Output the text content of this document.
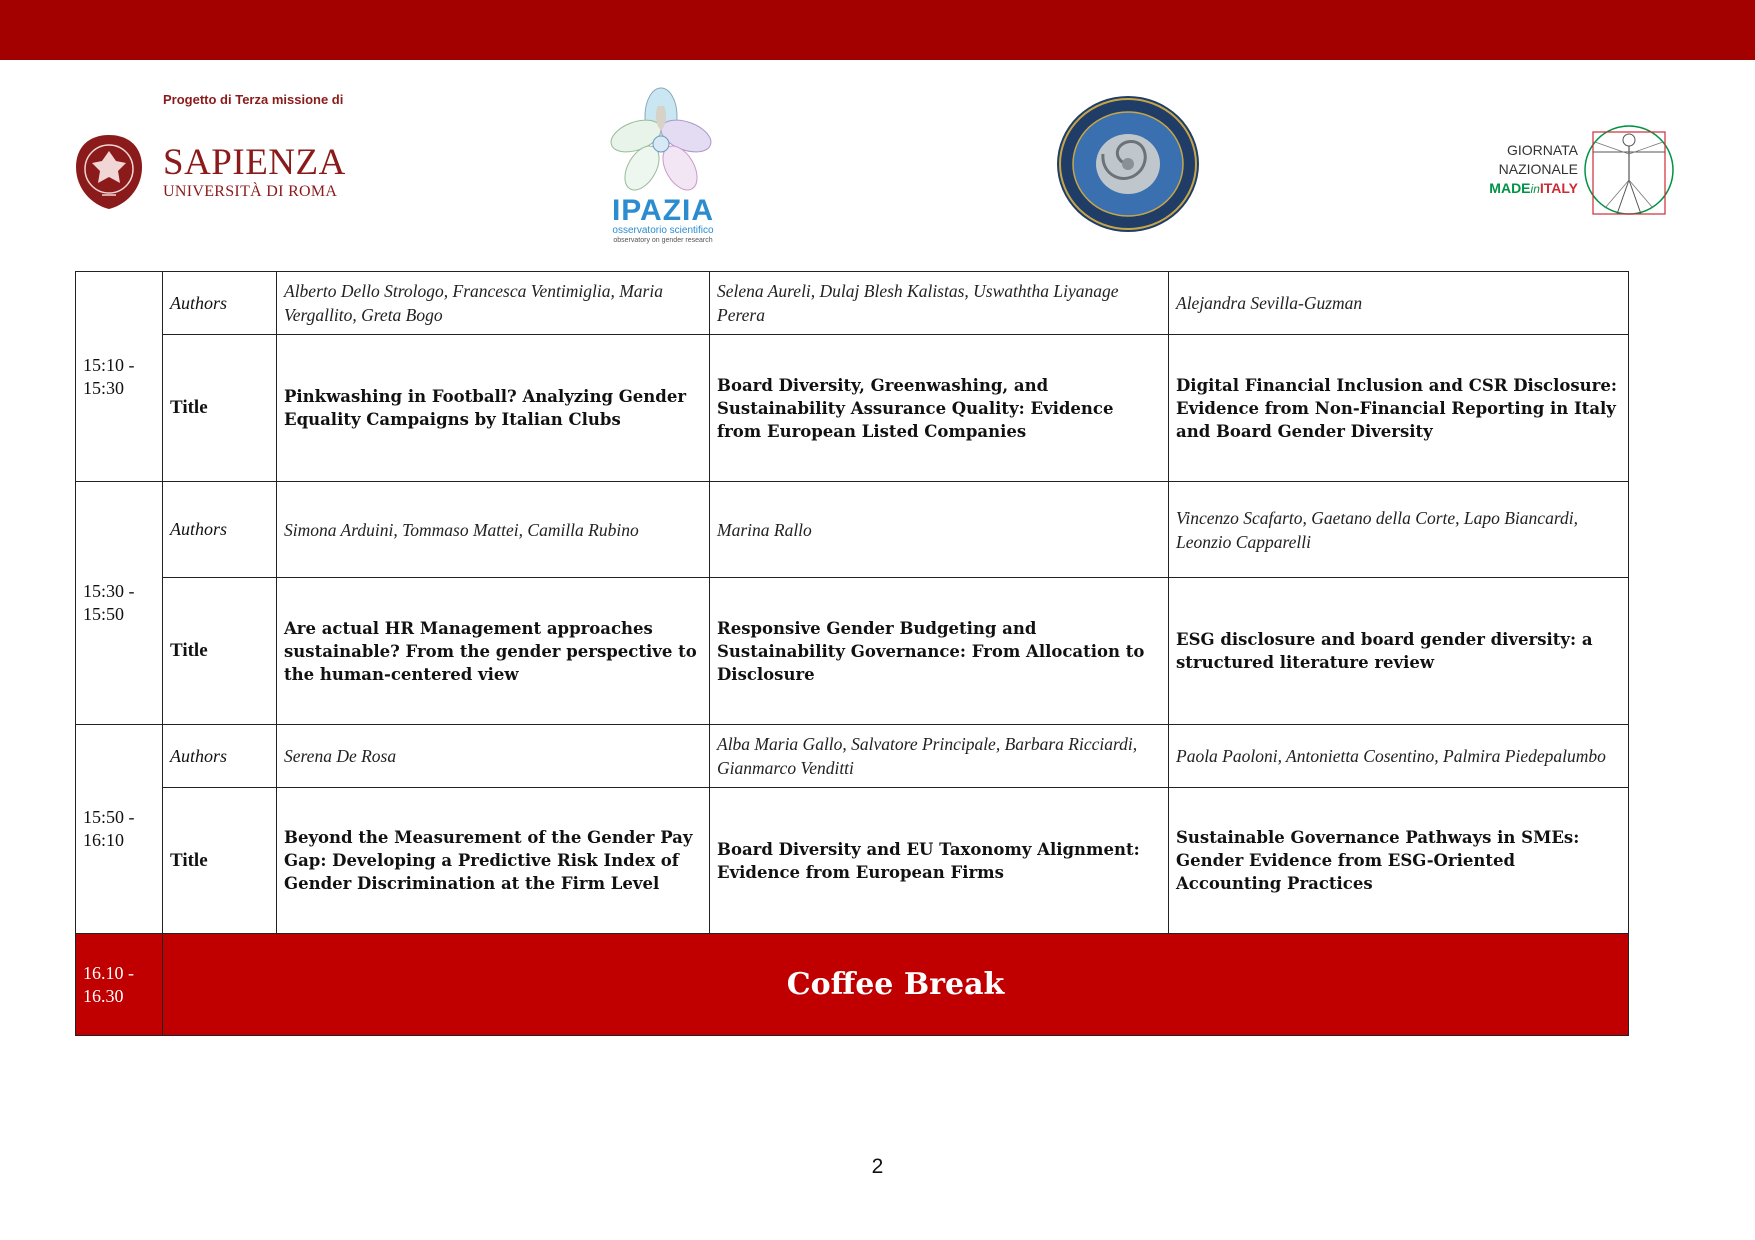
Progetto di Terza missione di
SAPIENZA
UNIVERSITÀ DI ROMA
IPAZIA
osservatorio scientifico
observatory on gender research
GIORNATA
NAZIONALE
MADEinITALY
15:10 - 15:30	Authors	Alberto Dello Strologo, Francesca Ventimiglia, Maria Vergallito, Greta Bogo	Selena Aureli, Dulaj Blesh Kalistas, Uswaththa Liyanage Perera	Alejandra Sevilla-Guzman
	Title	Pinkwashing in Football? Analyzing Gender Equality Campaigns by Italian Clubs	Board Diversity, Greenwashing, and Sustainability Assurance Quality: Evidence from European Listed Companies	Digital Financial Inclusion and CSR Disclosure: Evidence from Non-Financial Reporting in Italy and Board Gender Diversity
15:30 - 15:50	Authors	Simona Arduini, Tommaso Mattei, Camilla Rubino	Marina Rallo	Vincenzo Scafarto, Gaetano della Corte, Lapo Biancardi, Leonzio Capparelli
	Title	Are actual HR Management approaches sustainable? From the gender perspective to the human-centered view	Responsive Gender Budgeting and Sustainability Governance: From Allocation to Disclosure	ESG disclosure and board gender diversity: a structured literature review
15:50 - 16:10	Authors	Serena De Rosa	Alba Maria Gallo, Salvatore Principale, Barbara Ricciardi, Gianmarco Venditti	Paola Paoloni, Antonietta Cosentino, Palmira Piedepalumbo
	Title	Beyond the Measurement of the Gender Pay Gap: Developing a Predictive Risk Index of Gender Discrimination at the Firm Level	Board Diversity and EU Taxonomy Alignment: Evidence from European Firms	Sustainable Governance Pathways in SMEs: Gender Evidence from ESG-Oriented Accounting Practices
16.10 - 16.30	Coffee Break			
2
